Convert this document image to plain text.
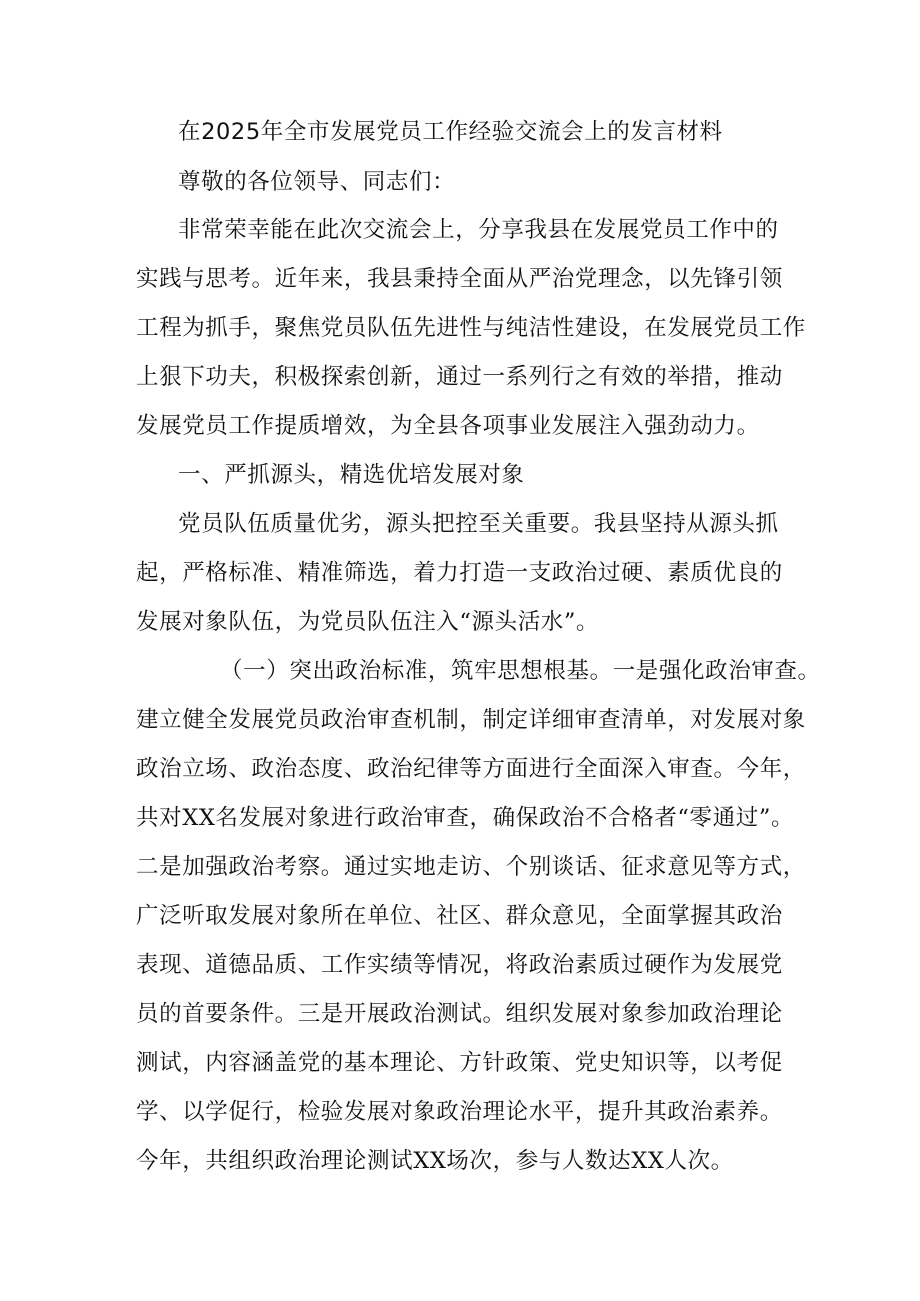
在2025年全市发展党员工作经验交流会上的发言材料
尊敬的各位领导、同志们：
非常荣幸能在此次交流会上，分享我县在发展党员工作中的
实践与思考。近年来，我县秉持全面从严治党理念，以先锋引领
工程为抓手，聚焦党员队伍先进性与纯洁性建设，在发展党员工作
上狠下功夫，积极探索创新，通过一系列行之有效的举措，推动
发展党员工作提质增效，为全县各项事业发展注入强劲动力。
一、严抓源头，精选优培发展对象
党员队伍质量优劣，源头把控至关重要。我县坚持从源头抓
起，严格标准、精准筛选，着力打造一支政治过硬、素质优良的
发展对象队伍，为党员队伍注入“源头活水”。
（一）突出政治标准，筑牢思想根基。一是强化政治审查。
建立健全发展党员政治审查机制，制定详细审查清单，对发展对象
政治立场、政治态度、政治纪律等方面进行全面深入审查。今年，
共对XX名发展对象进行政治审查，确保政治不合格者“零通过”。
二是加强政治考察。通过实地走访、个别谈话、征求意见等方式，
广泛听取发展对象所在单位、社区、群众意见，全面掌握其政治
表现、道德品质、工作实绩等情况，将政治素质过硬作为发展党
员的首要条件。三是开展政治测试。组织发展对象参加政治理论
测试，内容涵盖党的基本理论、方针政策、党史知识等，以考促
学、以学促行，检验发展对象政治理论水平，提升其政治素养。
今年，共组织政治理论测试XX场次，参与人数达XX人次。
